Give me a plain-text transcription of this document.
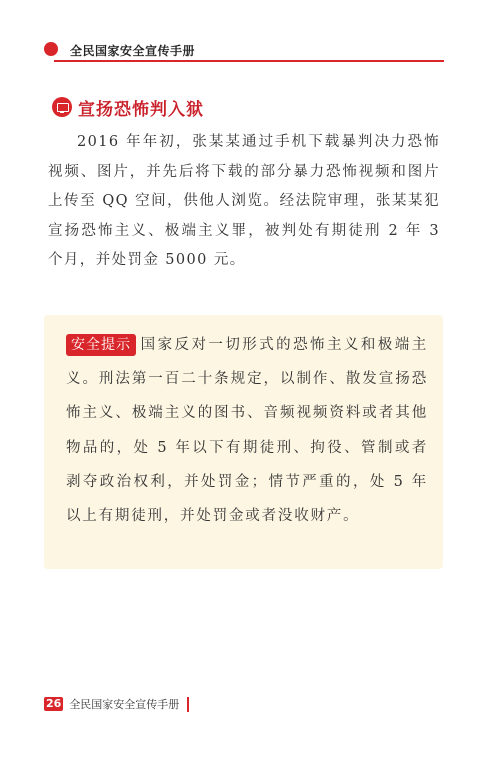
全民国家安全宣传手册
宣扬恐怖判入狱

2016 年年初，张某某通过手机下载暴判决力恐怖视频、图片，并先后将下载的部分暴力恐怖视频和图片上传至 QQ 空间，供他人浏览。经法院审理，张某某犯宣扬恐怖主义、极端主义罪，被判处有期徒刑 2 年 3 个月，并处罚金 5000 元。

安全提示 国家反对一切形式的恐怖主义和极端主义。刑法第一百二十条规定，以制作、散发宣扬恐怖主义、极端主义的图书、音频视频资料或者其他物品的，处 5 年以下有期徒刑、拘役、管制或者剥夺政治权利，并处罚金；情节严重的，处 5 年以上有期徒刑，并处罚金或者没收财产。
26 全民国家安全宣传手册
